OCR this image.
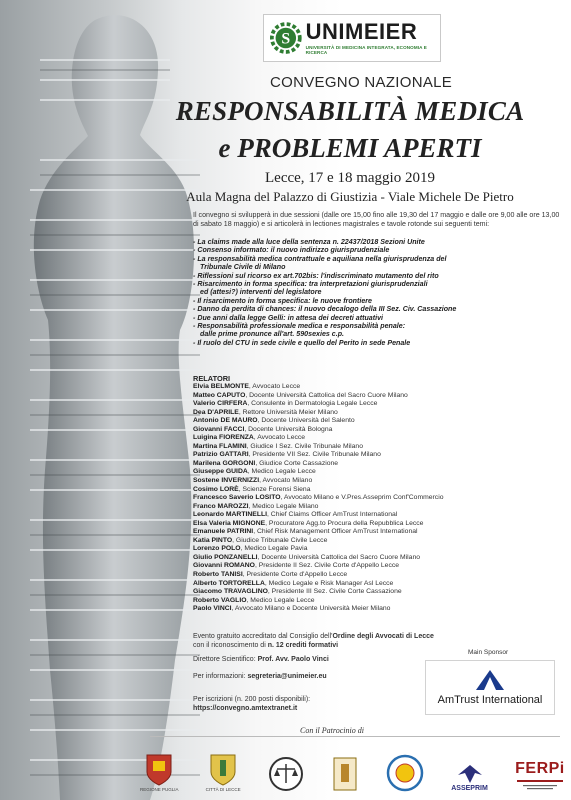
S UNIMEIER
UNIVERSITÀ DI MEDICINA INTEGRATA, ECONOMIA E RICERCA
CONVEGNO NAZIONALE
RESPONSABILITÀ MEDICA
e PROBLEMI APERTI
Lecce, 17 e 18 maggio 2019
Aula Magna del Palazzo di Giustizia - Viale Michele De Pietro
Il convegno si svilupperà in due sessioni (dalle ore 15,00 fino alle 19,30 del 17 maggio e dalle ore 9,00 alle ore 13,00 di sabato 18 maggio) e si articolerà in lectiones magistrales e tavole rotonde sui seguenti temi:
- La claims made alla luce della sentenza n. 22437/2018 Sezioni Unite
- Consenso informato: il nuovo indirizzo giurisprudenziale
- La responsabilità medica contrattuale e aquiliana nella giurisprudenza del
Tribunale Civile di Milano
- Riflessioni sul ricorso ex art.702bis: l'indiscriminato mutamento del rito
- Risarcimento in forma specifica: tra interpretazioni giurisprudenziali
ed (attesi?) interventi del legislatore
- Il risarcimento in forma specifica: le nuove frontiere
- Danno da perdita di chances: il nuovo decalogo della III Sez. Civ. Cassazione
- Due anni dalla legge Gelli: in attesa dei decreti attuativi
- Responsabilità professionale medica e responsabilità penale:
dalle prime pronunce all'art. 590sexies c.p.
- Il ruolo del CTU in sede civile e quello del Perito in sede Penale
RELATORI
Elvia BELMONTE, Avvocato Lecce
Matteo CAPUTO, Docente Università Cattolica del Sacro Cuore Milano
Valerio CIRFERA, Consulente in Dermatologia Legale Lecce
Dea D'APRILE, Rettore Università Meier Milano
Antonio DE MAURO, Docente Università del Salento
Giovanni FACCI, Docente Università Bologna
Luigina FIORENZA, Avvocato Lecce
Martina FLAMINI, Giudice I Sez. Civile Tribunale Milano
Patrizio GATTARI, Presidente VII Sez. Civile Tribunale Milano
Marilena GORGONI, Giudice Corte Cassazione
Giuseppe GUIDA, Medico Legale Lecce
Sostene INVERNIZZI, Avvocato Milano
Cosimo LORÈ, Scienze Forensi Siena
Francesco Saverio LOSITO, Avvocato Milano e V.Pres.Asseprim Conf'Commercio
Franco MAROZZI, Medico Legale Milano
Leonardo MARTINELLI, Chief Claims Officer AmTrust International
Elsa Valeria MIGNONE, Procuratore Agg.to Procura della Repubblica Lecce
Emanuele PATRINI, Chief Risk Management Officer AmTrust International
Katia PINTO, Giudice Tribunale Civile Lecce
Lorenzo POLO, Medico Legale Pavia
Giulio PONZANELLI, Docente Università Cattolica del Sacro Cuore Milano
Giovanni ROMANO, Presidente II Sez. Civile Corte d'Appello Lecce
Roberto TANISI, Presidente Corte d'Appello Lecce
Alberto TORTORELLA, Medico Legale e Risk Manager Asl Lecce
Giacomo TRAVAGLINO, Presidente III Sez. Civile Corte Cassazione
Roberto VAGLIO, Medico Legale Lecce
Paolo VINCI, Avvocato Milano e Docente Università Meier Milano
Evento gratuito accreditato dal Consiglio dell'Ordine degli Avvocati di Lecce
con il riconoscimento di n. 12 crediti formativi
Direttore Scientifico: Prof. Avv. Paolo Vinci
Per informazioni: segreteria@unimeier.eu
Per iscrizioni (n. 200 posti disponibili):
https://convegno.amtextranet.it
Main Sponsor
AmTrust International
Con il Patrocinio di
REGIONE PUGLIA	CITTÀ DI LECCE	ASSEPRIM
FERPi
